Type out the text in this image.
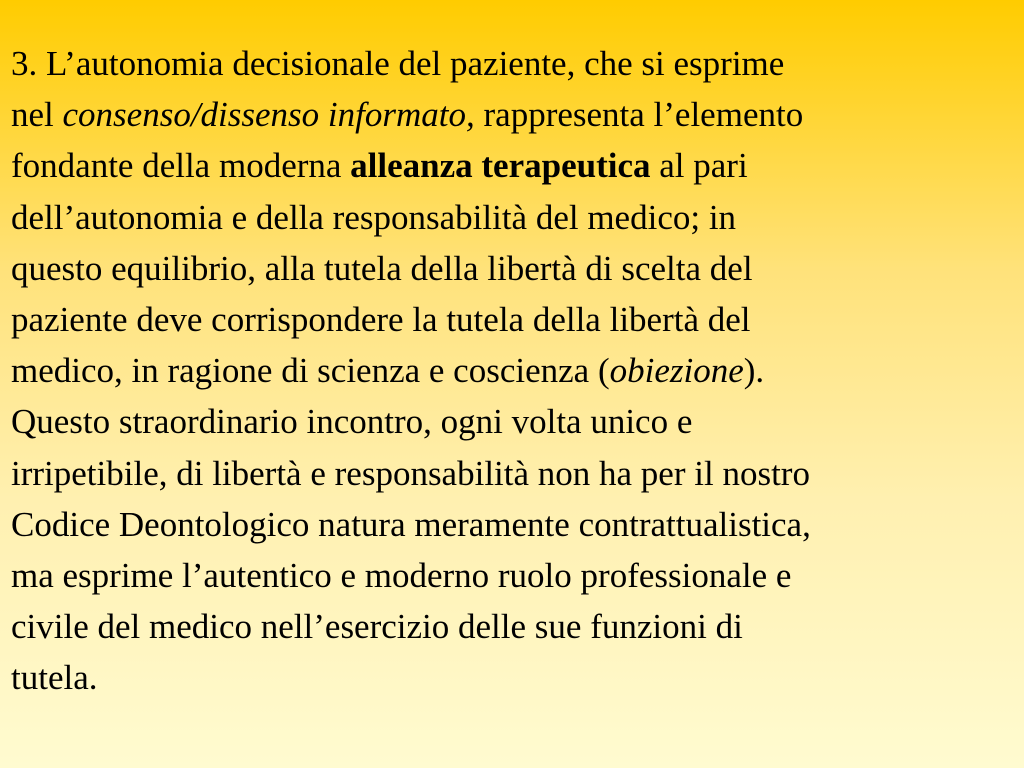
3. L’autonomia decisionale del paziente, che si esprime
nel consenso/dissenso informato, rappresenta l’elemento
fondante della moderna alleanza terapeutica al pari
dell’autonomia e della responsabilità del medico; in
questo equilibrio, alla tutela della libertà di scelta del
paziente deve corrispondere la tutela della libertà del
medico, in ragione di scienza e coscienza (obiezione).
Questo straordinario incontro, ogni volta unico e
irripetibile, di libertà e responsabilità non ha per il nostro
Codice Deontologico natura meramente contrattualistica,
ma esprime l’autentico e moderno ruolo professionale e
civile del medico nell’esercizio delle sue funzioni di
tutela.
